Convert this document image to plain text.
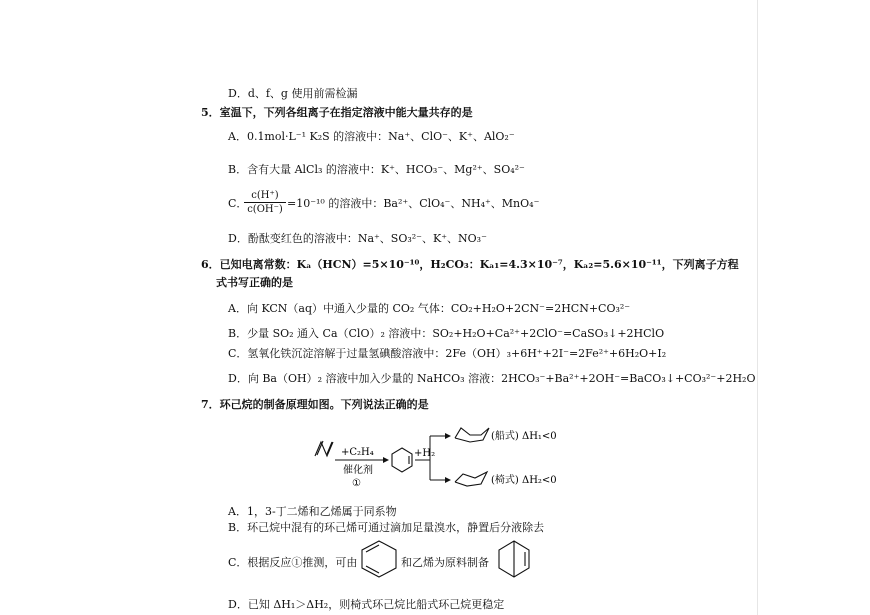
D．d、f、g 使用前需检漏
5．室温下，下列各组离子在指定溶液中能大量共存的是
A．0.1mol·L⁻¹ K₂S 的溶液中：Na⁺、ClO⁻、K⁺、AlO₂⁻
B．含有大量 AlCl₃ 的溶液中：K⁺、HCO₃⁻、Mg²⁺、SO₄²⁻
C．
$\frac{c(H^+)}{c(OH^-)} =10^{-10}$ 的溶液中：Ba²⁺、ClO₄⁻、NH₄⁺、MnO₄⁻
D．酚酞变红色的溶液中：Na⁺、SO₃²⁻、K⁺、NO₃⁻
6．已知电离常数：Kₐ（HCN）=5×10⁻¹⁰，H₂CO₃：Kₐ₁=4.3×10⁻⁷，Kₐ₂=5.6×10⁻¹¹，下列离子方程
式书写正确的是
A．向 KCN（aq）中通入少量的 CO₂ 气体：CO₂+H₂O+2CN⁻=2HCN+CO₃²⁻
B．少量 SO₂ 通入 Ca（ClO）₂ 溶液中：SO₂+H₂O+Ca²⁺+2ClO⁻=CaSO₃↓+2HClO
C．氢氧化铁沉淀溶解于过量氢碘酸溶液中：2Fe（OH）₃+6H⁺+2I⁻=2Fe²⁺+6H₂O+I₂
D．向 Ba（OH）₂ 溶液中加入少量的 NaHCO₃ 溶液：2HCO₃⁻+Ba²⁺+2OH⁻=BaCO₃↓+CO₃²⁻+2H₂O
7．环己烷的制备原理如图。下列说法正确的是
+C₂H₄
催化剂
①
+H₂
(船式) ΔH₁<0
(椅式) ΔH₂<0
A．1，3-丁二烯和乙烯属于同系物
B．环己烷中混有的环己烯可通过滴加足量溴水，静置后分液除去
C．根据反应①推测，可由	和乙烯为原料制备
D．已知 ΔH₁＞ΔH₂，则椅式环己烷比船式环己烷更稳定
